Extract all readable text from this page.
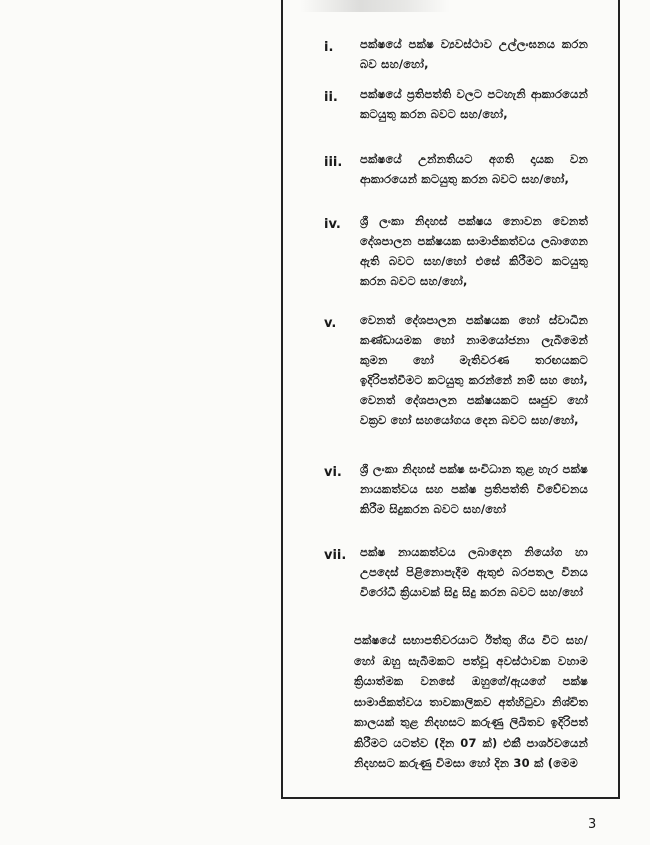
i. පක්ෂයේ පක්ෂ ව්‍යවස්ථාව උල්ලංඝනය කරන බව සහ/හෝ,
ii. පක්ෂයේ ප්‍රතිපත්ති වලට පටහැනි ආකාරයෙන් කටයුතු කරන බවට සහ/හෝ,
iii. පක්ෂයේ උන්නතියට අගති දායක වන ආකාරයෙන් කටයුතු කරන බවට සහ/හෝ,
iv. ශ්‍රී ලංකා නිදහස් පක්ෂය නොවන වෙනත් දේශපාලන පක්ෂයක සාමාජිකත්වය ලබාගෙන ඇති බවට සහ/හෝ එසේ කිරීමට කටයුතු කරන බවට සහ/හෝ,
v. වෙනත් දේශපාලන පක්ෂයක හෝ ස්වාධීන කණ්ඩායමක හෝ නාමයෝජනා ලැබීමෙන් කුමන හෝ මැතිවරණ තරඟයකට ඉදිරිපත්වීමට කටයුතු කරන්නේ නම් සහ හෝ, වෙනත් දේශපාලන පක්ෂයකට සෘජුව හෝ වක්‍රව හෝ සහයෝගය දෙන බවට සහ/හෝ,
vi. ශ්‍රී ලංකා නිදහස් පක්ෂ සංවිධාන තුළ හැර පක්ෂ නායකත්වය සහ පක්ෂ ප්‍රතිපත්ති විවේචනය කිරීම සිදුකරන බවට සහ/හෝ
vii. පක්ෂ නායකත්වය ලබාදෙන නියෝග හා උපදෙස් පිළිනොපැදීම ඇතුළු බරපතල විනය විරෝධී ක්‍රියාවක් සිදු සිදු කරන බවට සහ/හෝ
පක්ෂයේ සභාපතිවරයාට ඊත්තු ගිය විට සහ/හෝ ඔහු සැබීමකට පත්වූ අවස්ථාවක වහාම ක්‍රියාත්මක වනසේ ඔහුගේ/ඇයගේ පක්ෂ සාමාජිකත්වය තාවකාලිකව අත්හිටුවා නිශ්චිත කාලයක් තුළ නිදහසට කරුණු ලිඛිතව ඉදිරිපත් කිරීමට යටත්ව (දින 07 ක්) එකී පාර්ශවයෙන් නිදහසට කරුණු විමසා හෝ දින 30 ක් (මෙම
3
